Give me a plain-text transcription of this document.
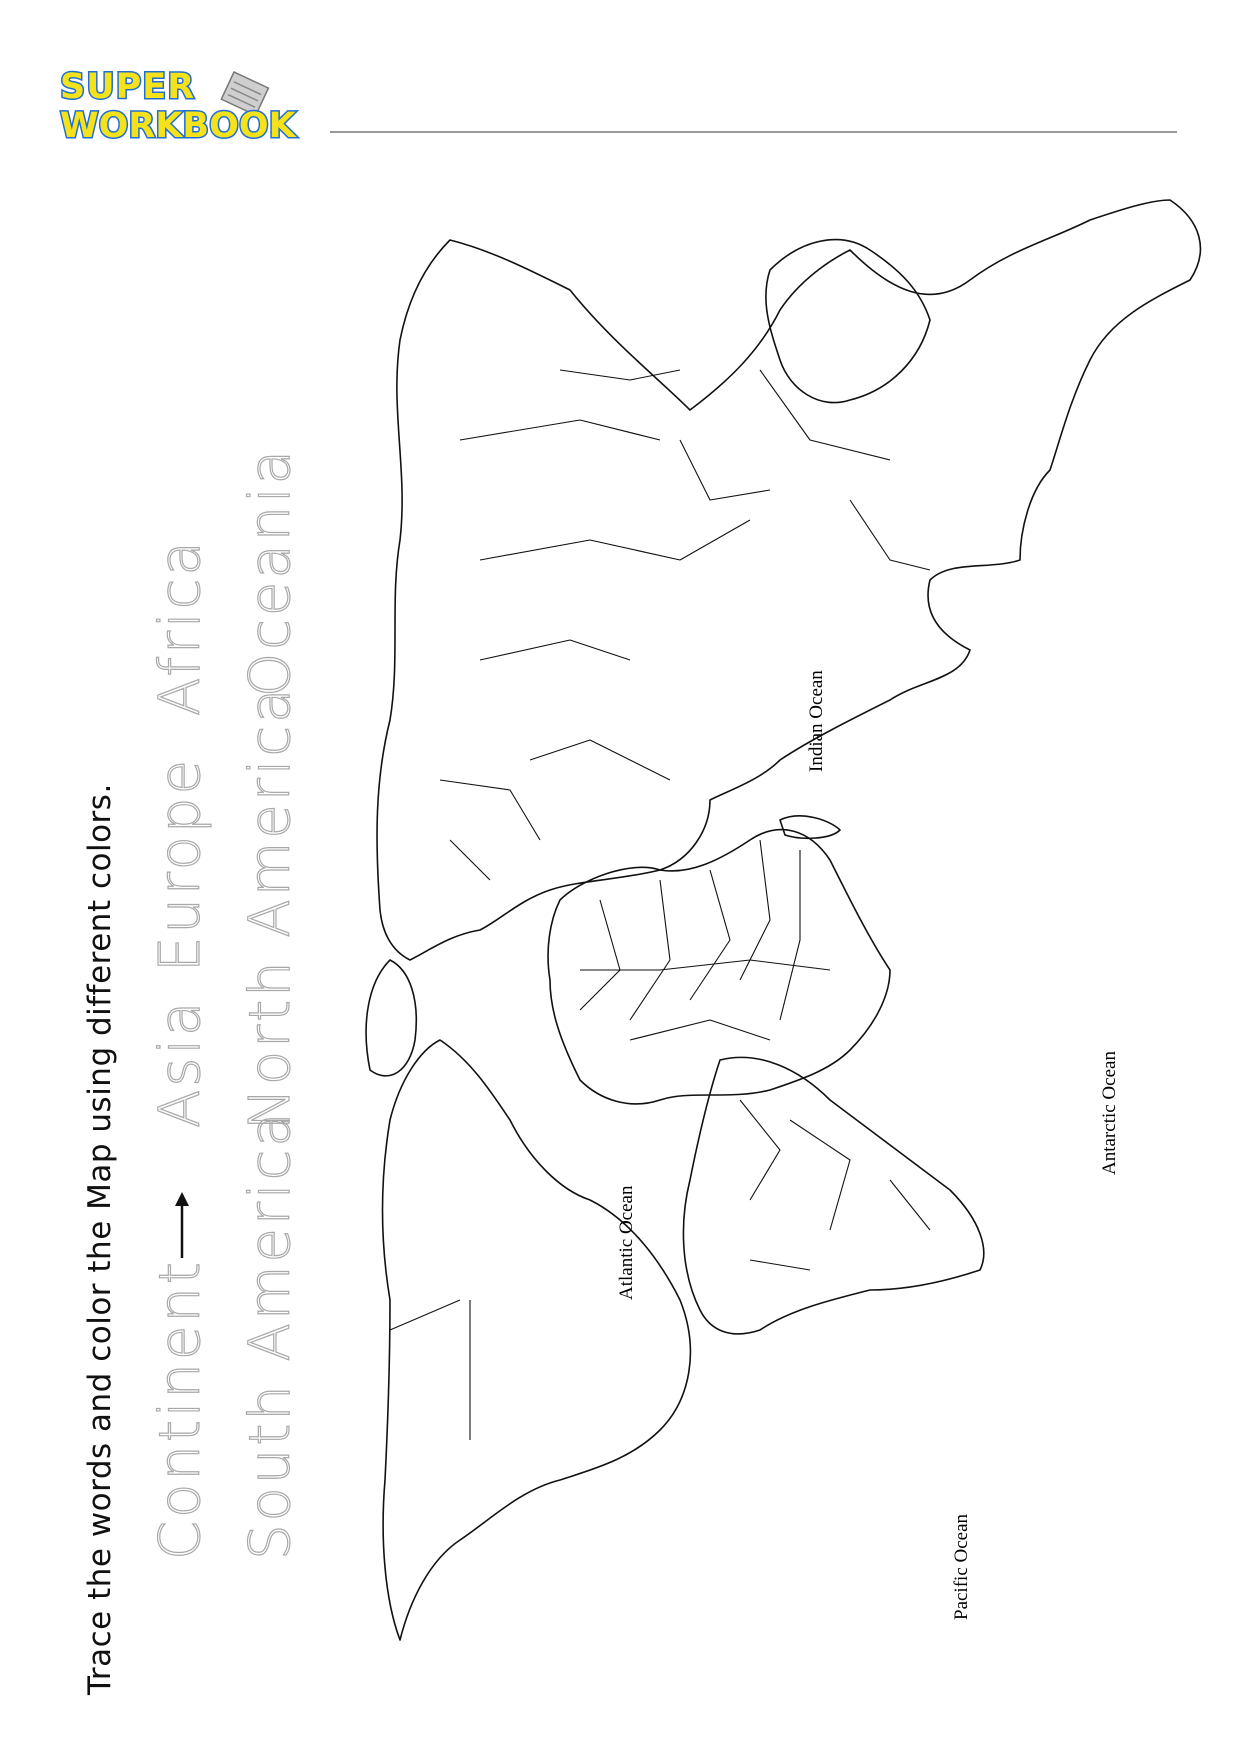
SUPER
WORKBOOK
Trace the words and color the Map using different colors. Continent
Asia
Europe
Africa
South America
North America
Oceania
Atlantic Ocean
Indian Ocean
Antarctic Ocean
Pacific Ocean
